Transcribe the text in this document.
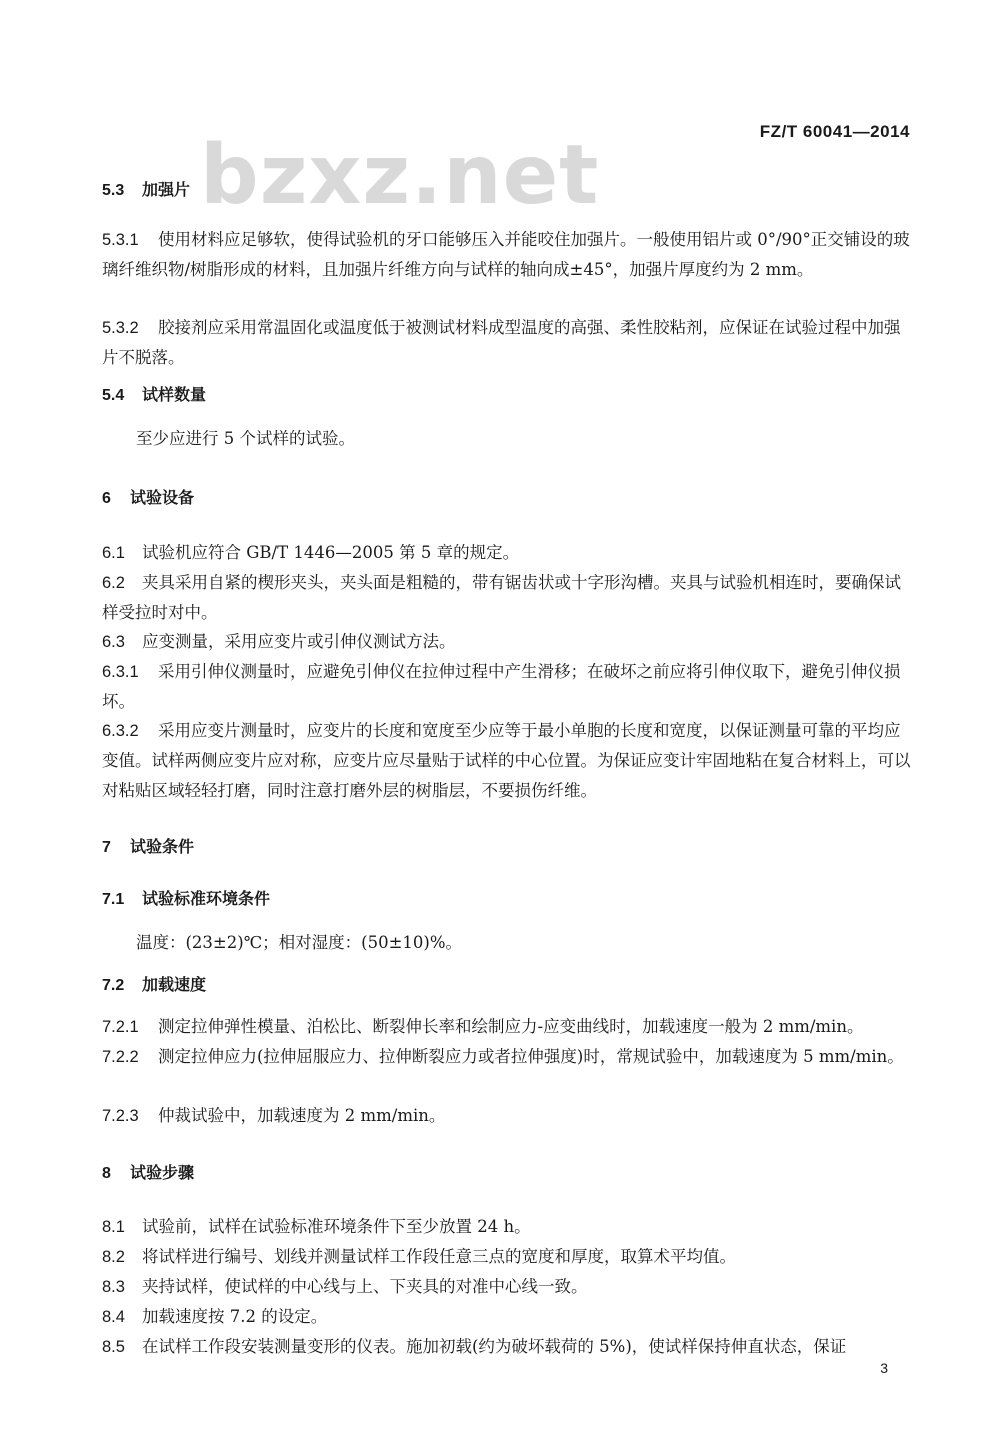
bzxz.net	FZ/T 60041—2014
5.3 加强片
5.3.1 使用材料应足够软，使得试验机的牙口能够压入并能咬住加强片。一般使用铝片或 0°/90°正交铺设的玻璃纤维织物/树脂形成的材料，且加强片纤维方向与试样的轴向成±45°，加强片厚度约为 2 mm。
5.3.2 胶接剂应采用常温固化或温度低于被测试材料成型温度的高强、柔性胶粘剂，应保证在试验过程中加强片不脱落。
5.4 试样数量
至少应进行 5 个试样的试验。
6 试验设备
6.1 试验机应符合 GB/T 1446—2005 第 5 章的规定。
6.2 夹具采用自紧的楔形夹头，夹头面是粗糙的，带有锯齿状或十字形沟槽。夹具与试验机相连时，要确保试样受拉时对中。
6.3 应变测量，采用应变片或引伸仪测试方法。
6.3.1 采用引伸仪测量时，应避免引伸仪在拉伸过程中产生滑移；在破坏之前应将引伸仪取下，避免引伸仪损坏。
6.3.2 采用应变片测量时，应变片的长度和宽度至少应等于最小单胞的长度和宽度，以保证测量可靠的平均应变值。试样两侧应变片应对称，应变片应尽量贴于试样的中心位置。为保证应变计牢固地粘在复合材料上，可以对粘贴区域轻轻打磨，同时注意打磨外层的树脂层，不要损伤纤维。
7 试验条件
7.1 试验标准环境条件
温度：(23±2)℃；相对湿度：(50±10)%。
7.2 加载速度
7.2.1 测定拉伸弹性模量、泊松比、断裂伸长率和绘制应力-应变曲线时，加载速度一般为 2 mm/min。
7.2.2 测定拉伸应力(拉伸屈服应力、拉伸断裂应力或者拉伸强度)时，常规试验中，加载速度为 5 mm/min。
7.2.3 仲裁试验中，加载速度为 2 mm/min。
8 试验步骤
8.1 试验前，试样在试验标准环境条件下至少放置 24 h。
8.2 将试样进行编号、划线并测量试样工作段任意三点的宽度和厚度，取算术平均值。
8.3 夹持试样，使试样的中心线与上、下夹具的对准中心线一致。
8.4 加载速度按 7.2 的设定。
8.5 在试样工作段安装测量变形的仪表。施加初载(约为破坏载荷的 5%)，使试样保持伸直状态，保证
3
